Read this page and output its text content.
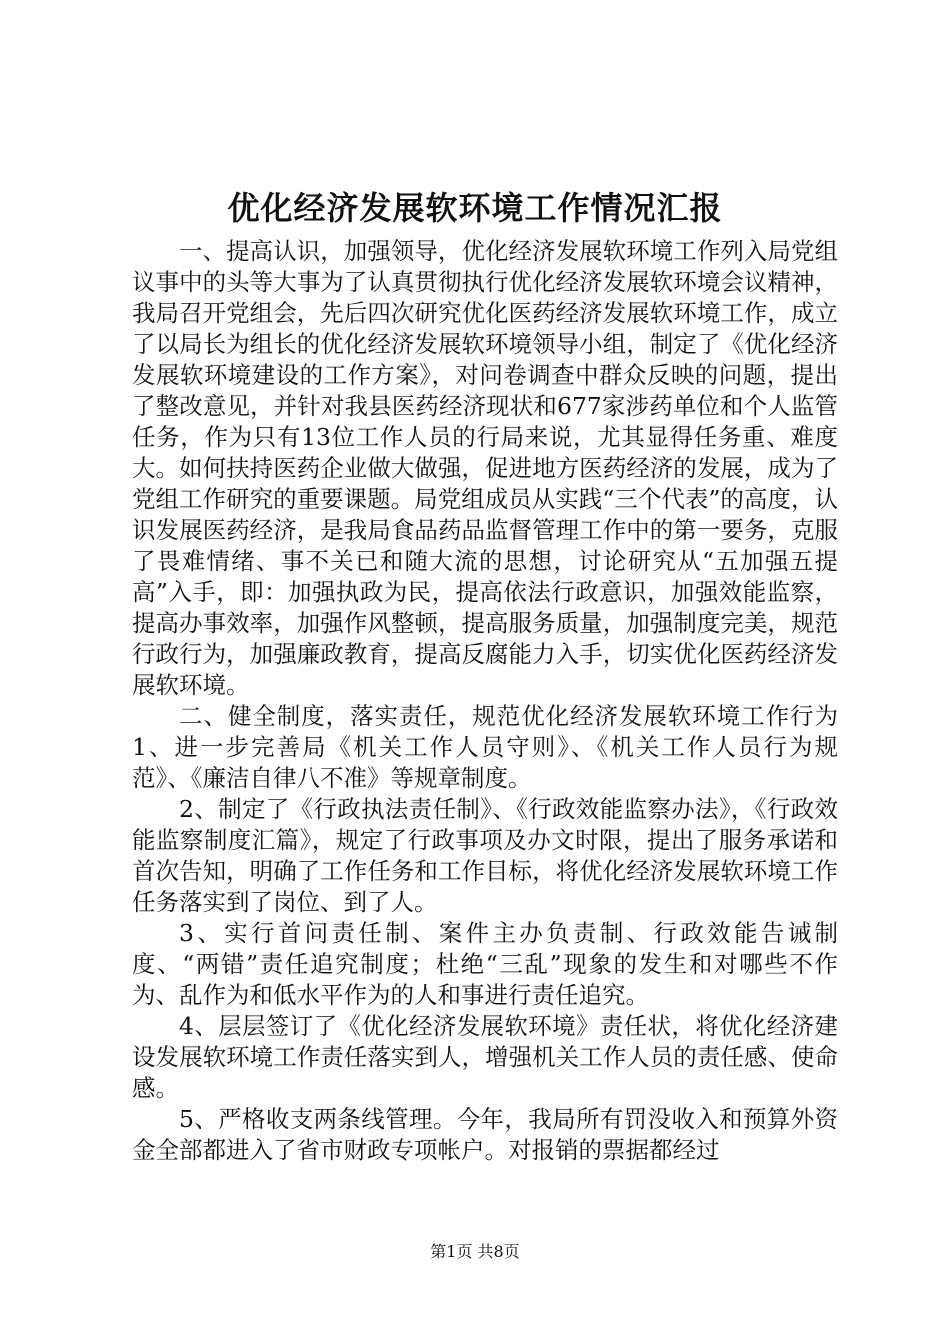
优化经济发展软环境工作情况汇报

一、提高认识，加强领导，优化经济发展软环境工作列入局党组议事中的头等大事为了认真贯彻执行优化经济发展软环境会议精神，我局召开党组会，先后四次研究优化医药经济发展软环境工作，成立了以局长为组长的优化经济发展软环境领导小组，制定了《优化经济发展软环境建设的工作方案》，对问卷调查中群众反映的问题，提出了整改意见，并针对我县医药经济现状和677家涉药单位和个人监管任务，作为只有13位工作人员的行局来说，尤其显得任务重、难度大。如何扶持医药企业做大做强，促进地方医药经济的发展，成为了党组工作研究的重要课题。局党组成员从实践“三个代表”的高度，认识发展医药经济，是我局食品药品监督管理工作中的第一要务，克服了畏难情绪、事不关已和随大流的思想，讨论研究从“五加强五提高”入手，即：加强执政为民，提高依法行政意识，加强效能监察，提高办事效率，加强作风整顿，提高服务质量，加强制度完美，规范行政行为，加强廉政教育，提高反腐能力入手，切实优化医药经济发展软环境。

二、健全制度，落实责任，规范优化经济发展软环境工作行为 1、进一步完善局《机关工作人员守则》、《机关工作人员行为规范》、《廉洁自律八不准》等规章制度。

2、制定了《行政执法责任制》、《行政效能监察办法》，《行政效能监察制度汇篇》，规定了行政事项及办文时限，提出了服务承诺和首次告知，明确了工作任务和工作目标，将优化经济发展软环境工作任务落实到了岗位、到了人。

3、实行首问责任制、案件主办负责制、行政效能告诫制度、“两错”责任追究制度；杜绝“三乱”现象的发生和对哪些不作为、乱作为和低水平作为的人和事进行责任追究。

4、层层签订了《优化经济发展软环境》责任状，将优化经济建设发展软环境工作责任落实到人，增强机关工作人员的责任感、使命感。

5、严格收支两条线管理。今年，我局所有罚没收入和预算外资金全部都进入了省市财政专项帐户。对报销的票据都经过

第1页 共8页
